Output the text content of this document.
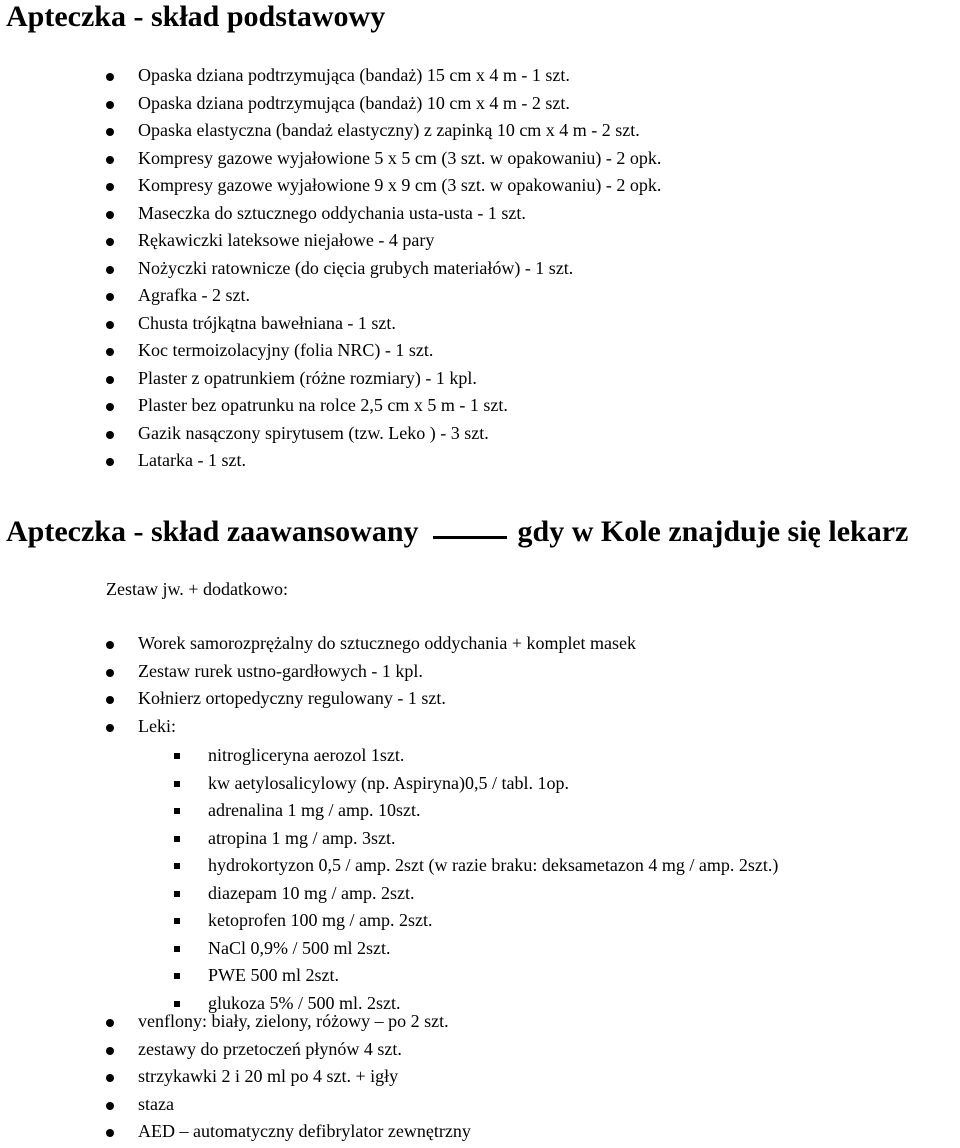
Apteczka - skład podstawowy
Opaska dziana podtrzymująca (bandaż) 15 cm x 4 m - 1 szt.
Opaska dziana podtrzymująca (bandaż) 10 cm x 4 m - 2 szt.
Opaska elastyczna (bandaż elastyczny) z zapinką 10 cm x 4 m - 2 szt.
Kompresy gazowe wyjałowione 5 x 5 cm (3 szt. w opakowaniu) - 2 opk.
Kompresy gazowe wyjałowione 9 x 9 cm (3 szt. w opakowaniu) - 2 opk.
Maseczka do sztucznego oddychania usta-usta - 1 szt.
Rękawiczki lateksowe niejałowe - 4 pary
Nożyczki ratownicze (do cięcia grubych materiałów) - 1 szt.
Agrafka - 2 szt.
Chusta trójkątna bawełniana - 1 szt.
Koc termoizolacyjny (folia NRC) - 1 szt.
Plaster z opatrunkiem (różne rozmiary) - 1 kpl.
Plaster bez opatrunku na rolce 2,5 cm x 5 m - 1 szt.
Gazik nasączony spirytusem (tzw. Leko ) - 3 szt.
Latarka - 1 szt.
Apteczka - skład zaawansowany	gdy w Kole znajduje się lekarz
Zestaw jw. + dodatkowo:
Worek samorozprężalny do sztucznego oddychania + komplet masek
Zestaw rurek ustno-gardłowych - 1 kpl.
Kołnierz ortopedyczny regulowany - 1 szt.
Leki:
nitrogliceryna aerozol 1szt.
kw aetylosalicylowy (np. Aspiryna)0,5 / tabl. 1op.
adrenalina 1 mg / amp. 10szt.
atropina 1 mg / amp. 3szt.
hydrokortyzon 0,5 / amp. 2szt (w razie braku: deksametazon 4 mg / amp. 2szt.)
diazepam 10 mg / amp. 2szt.
ketoprofen 100 mg / amp. 2szt.
NaCl 0,9% / 500 ml 2szt.
PWE 500 ml 2szt.
glukoza 5% / 500 ml. 2szt.
venflony: biały, zielony, różowy – po 2 szt.
zestawy do przetoczeń płynów 4 szt.
strzykawki 2 i 20 ml po 4 szt. + igły
staza
AED – automatyczny defibrylator zewnętrzny
